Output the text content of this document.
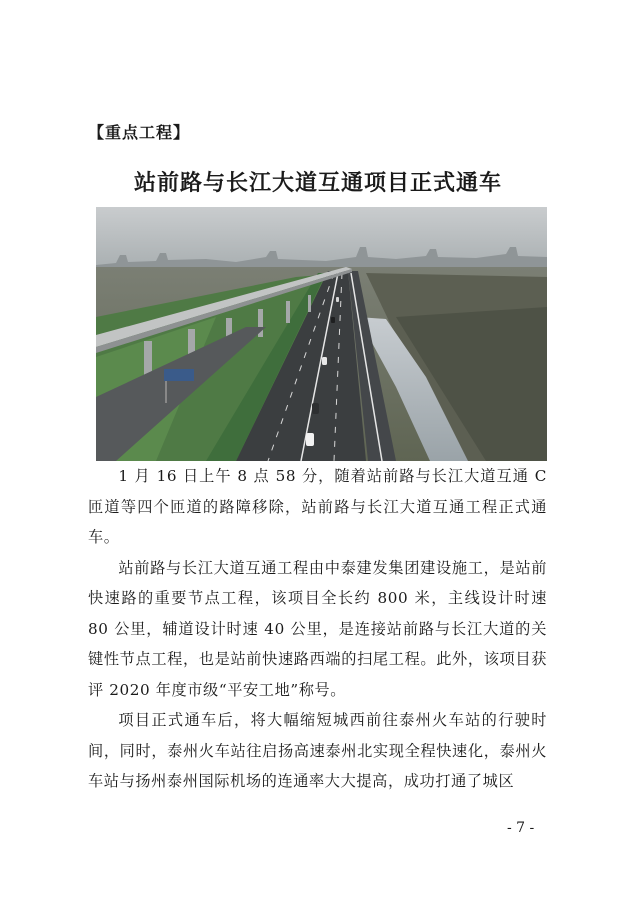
【重点工程】
站前路与长江大道互通项目正式通车

1 月 16 日上午 8 点 58 分，随着站前路与长江大道互通 C 匝道等四个匝道的路障移除，站前路与长江大道互通工程正式通车。

站前路与长江大道互通工程由中泰建发集团建设施工，是站前快速路的重要节点工程，该项目全长约 800 米，主线设计时速 80 公里，辅道设计时速 40 公里，是连接站前路与长江大道的关键性节点工程，也是站前快速路西端的扫尾工程。此外，该项目获评 2020 年度市级“平安工地”称号。

项目正式通车后，将大幅缩短城西前往泰州火车站的行驶时间，同时，泰州火车站往启扬高速泰州北实现全程快速化，泰州火车站与扬州泰州国际机场的连通率大大提高，成功打通了城区

- 7 -
